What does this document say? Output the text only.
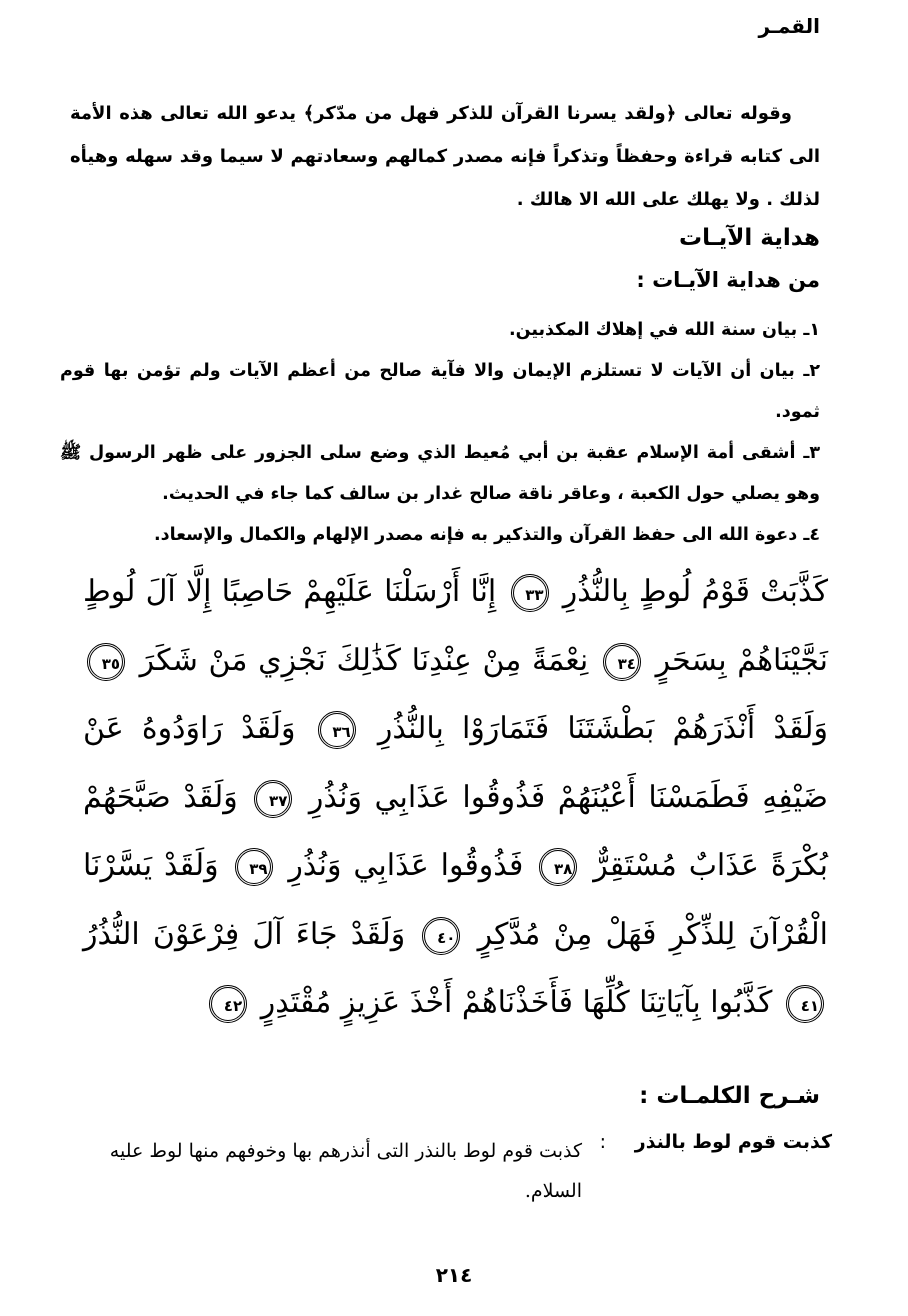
القمـر

وقوله تعالى ﴿ولقد يسرنا القرآن للذكر فهل من مدّكر﴾ يدعو الله تعالى هذه الأمة الى كتابه قراءة وحفظاً وتذكراً فإنه مصدر كمالهم وسعادتهم لا سيما وقد سهله وهيأه لذلك . ولا يهلك على الله الا هالك .

هداية الآيـات
من هداية الآيـات :
١ـ بيان سنة الله في إهلاك المكذبين.
٢ـ بيان أن الآيات لا تستلزم الإيمان والا فآية صالح من أعظم الآيات ولم تؤمن بها قوم ثمود.
٣ـ أشقى أمة الإسلام عقبة بن أبي مُعيط الذي وضع سلى الجزور على ظهر الرسول ﷺ وهو يصلي حول الكعبة ، وعاقر ناقة صالح غدار بن سالف كما جاء في الحديث.
٤ـ دعوة الله الى حفظ القرآن والتذكير به فإنه مصدر الإلهام والكمال والإسعاد.
كَذَّبَتْ قَوْمُ لُوطٍ بِالنُّذُرِ ٣٣ إِنَّا أَرْسَلْنَا عَلَيْهِمْ حَاصِبًا إِلَّا آلَ لُوطٍ نَجَّيْنَاهُمْ بِسَحَرٍ ٣٤ نِعْمَةً مِنْ عِنْدِنَا كَذَٰلِكَ نَجْزِي مَنْ شَكَرَ ٣٥ وَلَقَدْ أَنْذَرَهُمْ بَطْشَتَنَا فَتَمَارَوْا بِالنُّذُرِ ٣٦ وَلَقَدْ رَاوَدُوهُ عَنْ ضَيْفِهِ فَطَمَسْنَا أَعْيُنَهُمْ فَذُوقُوا عَذَابِي وَنُذُرِ ٣٧ وَلَقَدْ صَبَّحَهُمْ بُكْرَةً عَذَابٌ مُسْتَقِرٌّ ٣٨ فَذُوقُوا عَذَابِي وَنُذُرِ ٣٩ وَلَقَدْ يَسَّرْنَا الْقُرْآنَ لِلذِّكْرِ فَهَلْ مِنْ مُدَّكِرٍ ٤٠ وَلَقَدْ جَاءَ آلَ فِرْعَوْنَ النُّذُرُ ٤١ كَذَّبُوا بِآيَاتِنَا كُلِّهَا فَأَخَذْنَاهُمْ أَخْذَ عَزِيزٍ مُقْتَدِرٍ ٤٢
شـرح الكلمـات :
كذبت قوم لوط بالنذر
:
كذبت قوم لوط بالنذر التى أنذرهم بها وخوفهم منها لوط عليه السلام.
٢١٤
